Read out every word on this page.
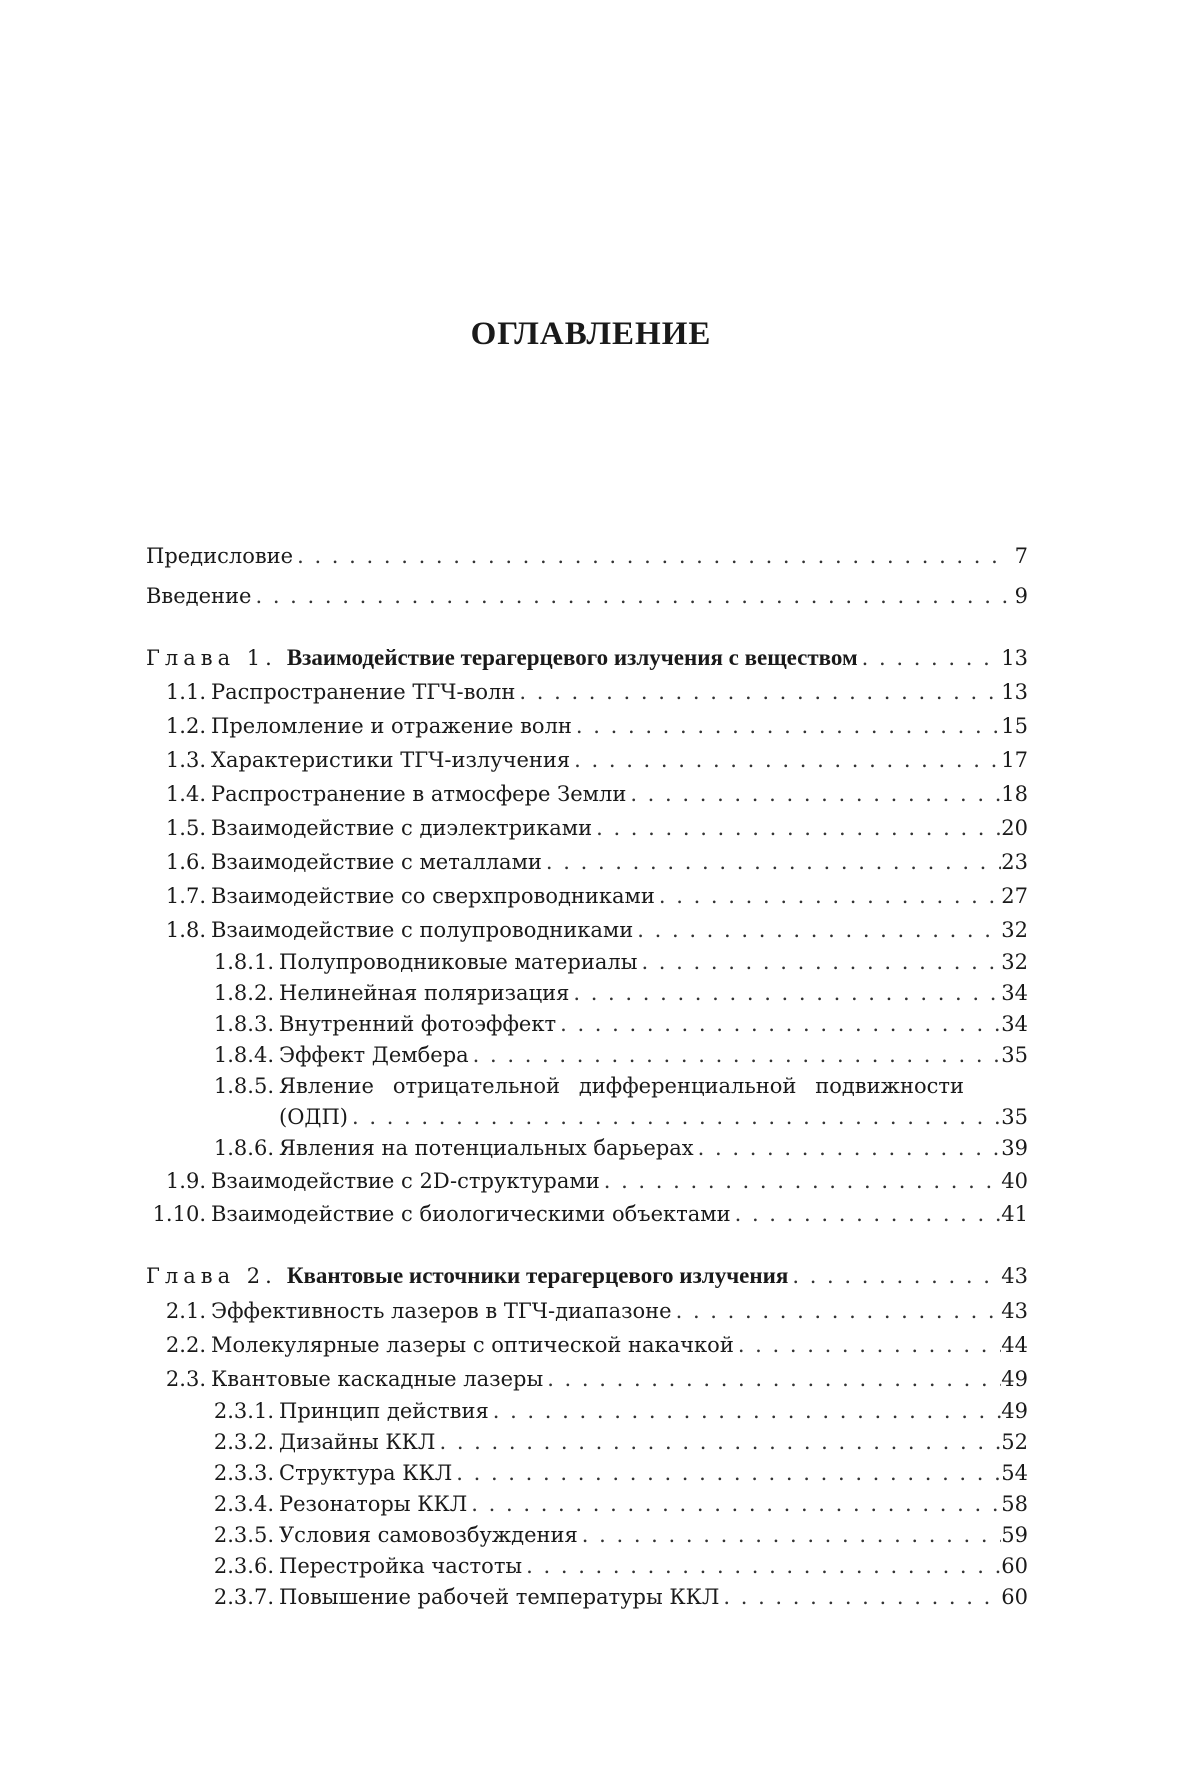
ОГЛАВЛЕНИЕ
Предисловие . . .	7
Введение . . .	9
Глава 1. Взаимодействие терагерцевого излучения с веществом . . .	13
1.1. Распространение ТГЧ-волн . . .	13
1.2. Преломление и отражение волн . . .	15
1.3. Характеристики ТГЧ-излучения . . .	17
1.4. Распространение в атмосфере Земли . . .	18
1.5. Взаимодействие с диэлектриками . . .	20
1.6. Взаимодействие с металлами . . .	23
1.7. Взаимодействие со сверхпроводниками . . .	27
1.8. Взаимодействие с полупроводниками . . .	32
1.8.1. Полупроводниковые материалы . . .	32
1.8.2. Нелинейная поляризация . . .	34
1.8.3. Внутренний фотоэффект . . .	34
1.8.4. Эффект Дембера . . .	35
1.8.5. Явление отрицательной дифференциальной подвижности
(ОДП) . . .	35
1.8.6. Явления на потенциальных барьерах . . .	39
1.9. Взаимодействие с 2D-структурами . . .	40
1.10. Взаимодействие с биологическими объектами . . .	41
Глава 2. Квантовые источники терагерцевого излучения . . .	43
2.1. Эффективность лазеров в ТГЧ-диапазоне . . .	43
2.2. Молекулярные лазеры с оптической накачкой . . .	44
2.3. Квантовые каскадные лазеры . . .	49
2.3.1. Принцип действия . . .	49
2.3.2. Дизайны ККЛ . . .	52
2.3.3. Структура ККЛ . . .	54
2.3.4. Резонаторы ККЛ . . .	58
2.3.5. Условия самовозбуждения . . .	59
2.3.6. Перестройка частоты . . .	60
2.3.7. Повышение рабочей температуры ККЛ . . .	60
